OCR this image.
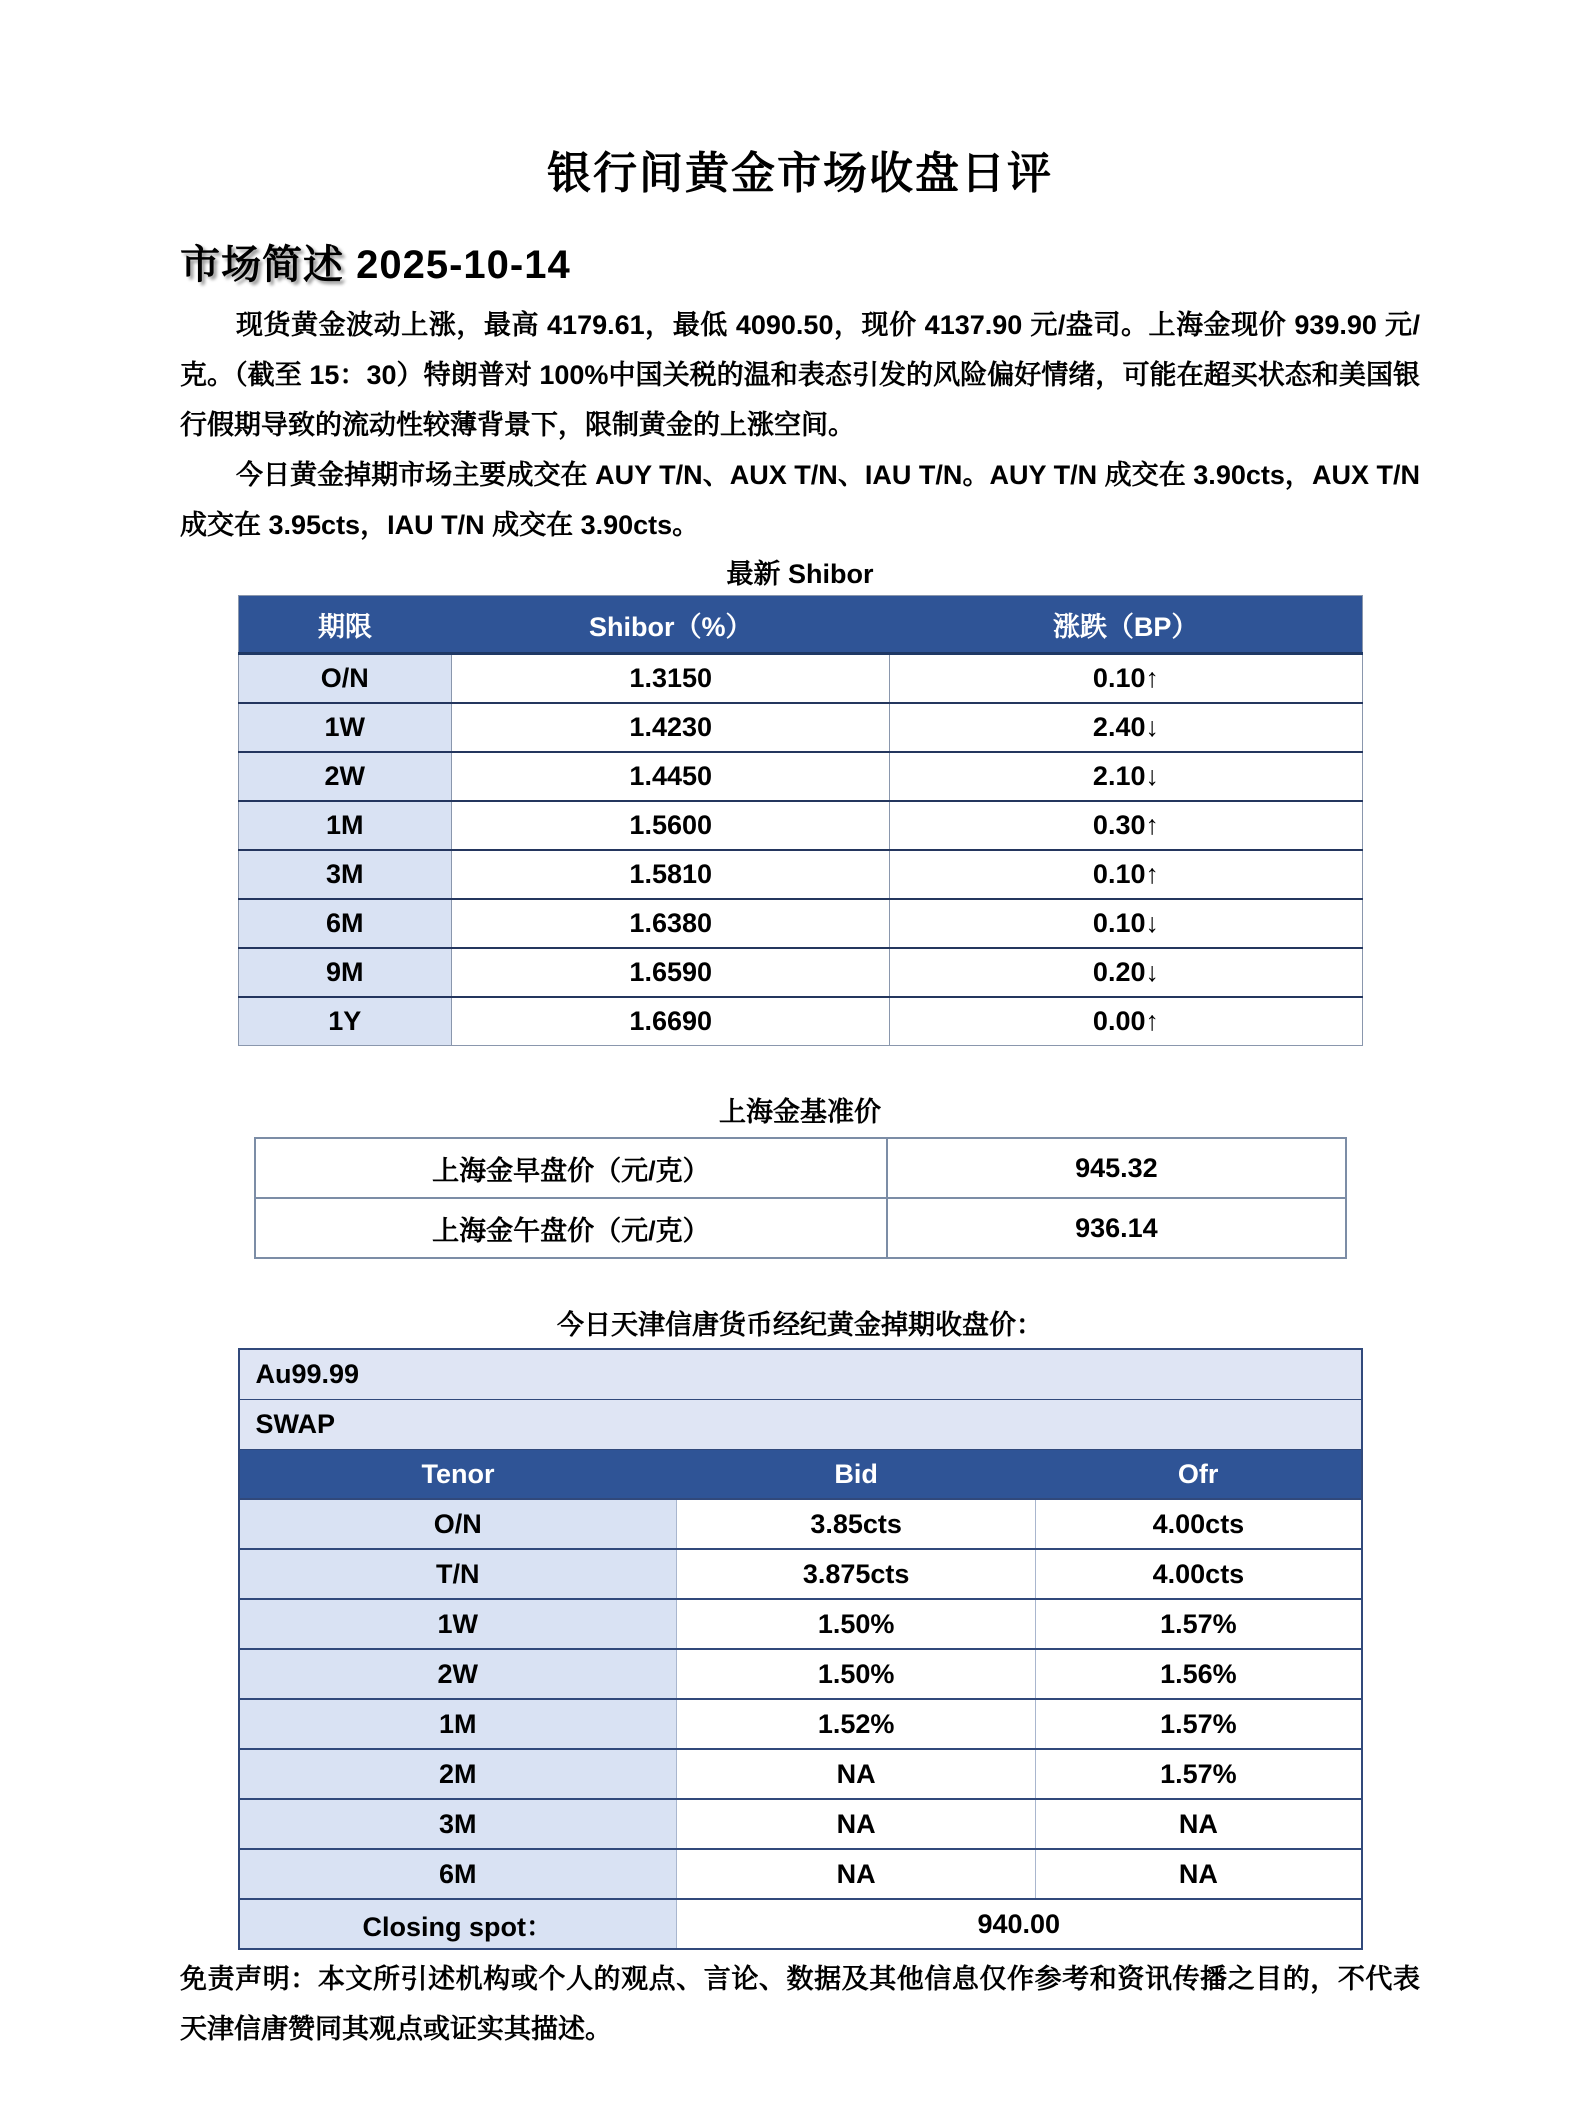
银行间黄金市场收盘日评
市场简述 2025-10-14

现货黄金波动上涨，最高 4179.61，最低 4090.50，现价 4137.90 元/盎司。上海金现价 939.90 元/克。（截至 15：30）特朗普对 100%中国关税的温和表态引发的风险偏好情绪，可能在超买状态和美国银行假期导致的流动性较薄背景下，限制黄金的上涨空间。

今日黄金掉期市场主要成交在 AUY T/N、AUX T/N、IAU T/N。AUY T/N 成交在 3.90cts，AUX T/N 成交在 3.95cts，IAU T/N 成交在 3.90cts。

最新 Shibor

期限	Shibor（%）	涨跌（BP）
O/N	1.3150	0.10↑
1W	1.4230	2.40↓
2W	1.4450	2.10↓
1M	1.5600	0.30↑
3M	1.5810	0.10↑
6M	1.6380	0.10↓
9M	1.6590	0.20↓
1Y	1.6690	0.00↑

上海金基准价

上海金早盘价（元/克）	945.32
上海金午盘价（元/克）	936.14

今日天津信唐货币经纪黄金掉期收盘价：

Au99.99		
SWAP		
Tenor	Bid	Ofr
O/N	3.85cts	4.00cts
T/N	3.875cts	4.00cts
1W	1.50%	1.57%
2W	1.50%	1.56%
1M	1.52%	1.57%
2M	NA	1.57%
3M	NA	NA
6M	NA	NA
Closing spot：	940.00	

免责声明：本文所引述机构或个人的观点、言论、数据及其他信息仅作参考和资讯传播之目的，不代表天津信唐赞同其观点或证实其描述。
